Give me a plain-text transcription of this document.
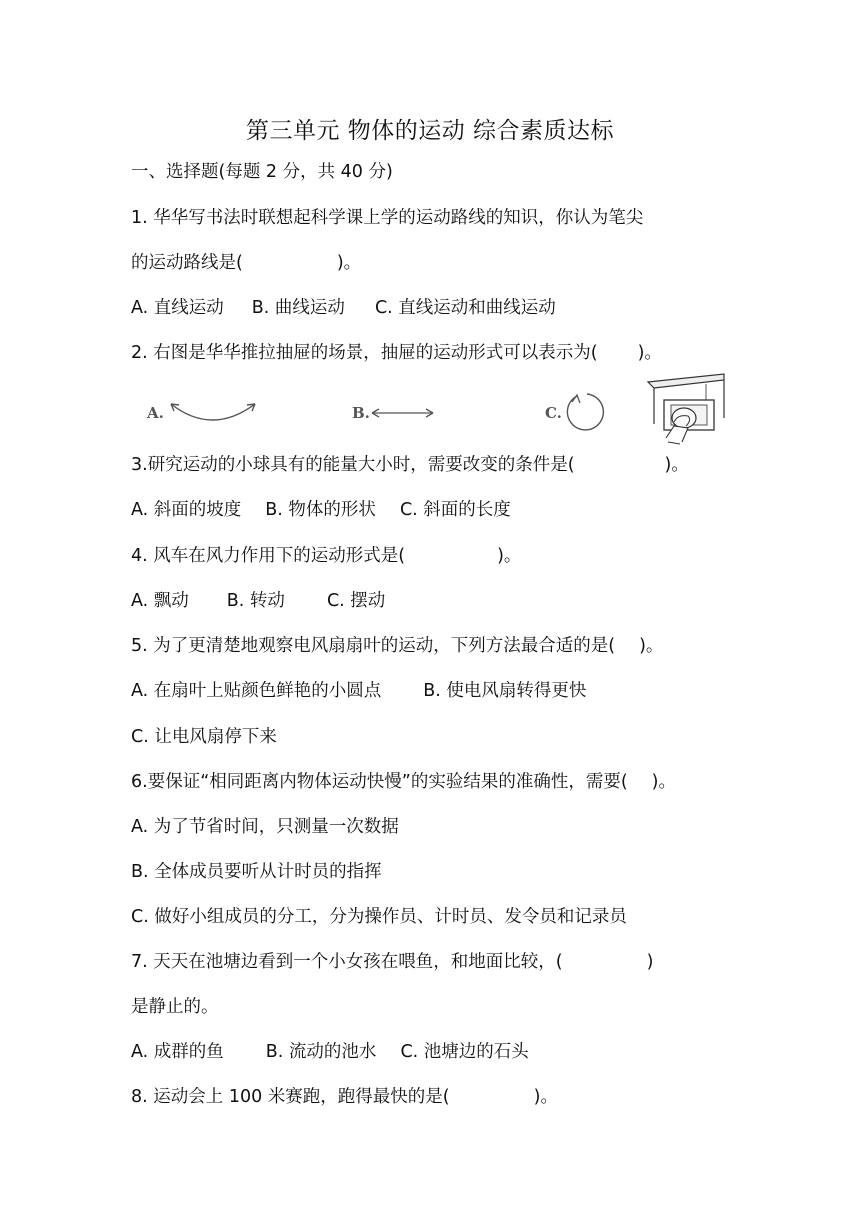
第三单元 物体的运动 综合素质达标
一、选择题(每题 2 分，共 40 分)
1. 华华写书法时联想起科学课上学的运动路线的知识，你认为笔尖
的运动路线是(	)。
A. 直线运动 B. 曲线运动 C. 直线运动和曲线运动
2. 右图是华华推拉抽屉的场景，抽屉的运动形式可以表示为( )。
A.	B.	C.
3.研究运动的小球具有的能量大小时，需要改变的条件是(	)。
A. 斜面的坡度 B. 物体的形状 C. 斜面的长度
4. 风车在风力作用下的运动形式是(	)。
A. 飘动 B. 转动 C. 摆动
5. 为了更清楚地观察电风扇扇叶的运动，下列方法最合适的是( )。
A. 在扇叶上贴颜色鲜艳的小圆点 B. 使电风扇转得更快
C. 让电风扇停下来
6.要保证“相同距离内物体运动快慢”的实验结果的准确性，需要( )。
A. 为了节省时间，只测量一次数据
B. 全体成员要听从计时员的指挥
C. 做好小组成员的分工，分为操作员、计时员、发令员和记录员
7. 天天在池塘边看到一个小女孩在喂鱼，和地面比较，(	)
是静止的。
A. 成群的鱼 B. 流动的池水 C. 池塘边的石头
8. 运动会上 100 米赛跑，跑得最快的是(	)。
